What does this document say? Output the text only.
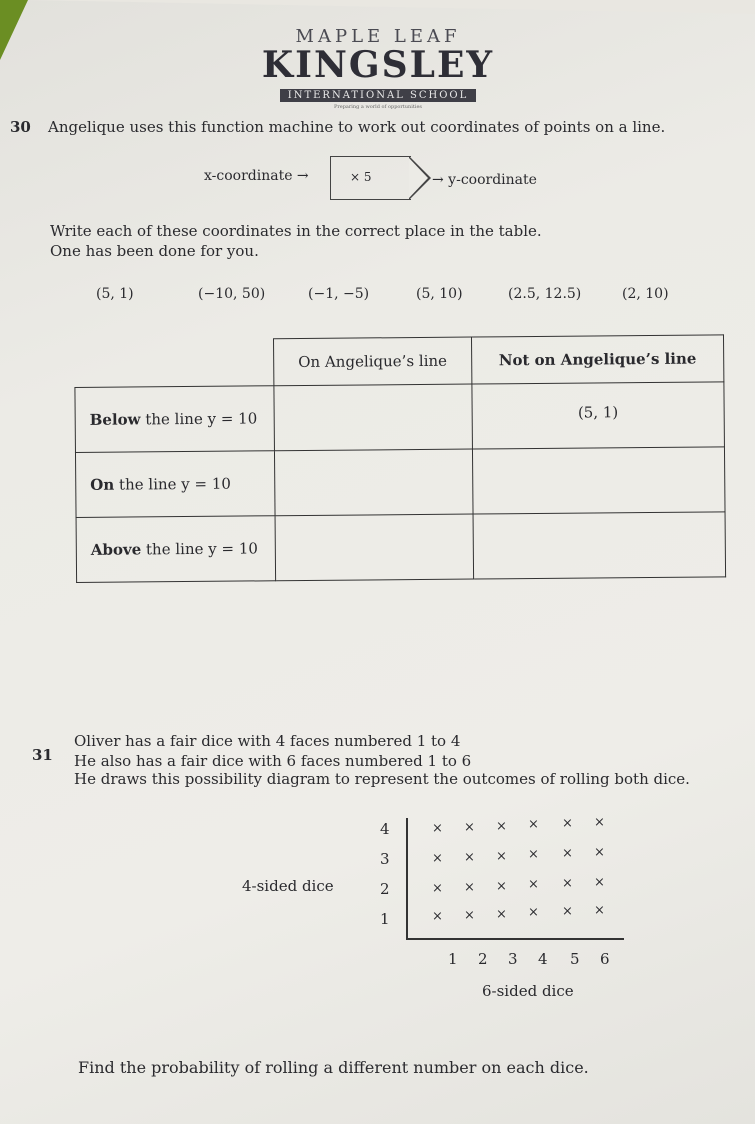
MAPLE LEAF
KINGSLEY
INTERNATIONAL SCHOOL
Preparing a world of opportunities
30 Angelique uses this function machine to work out coordinates of points on a line.
x-coordinate →	× 5	→ y-coordinate
Write each of these coordinates in the correct place in the table.
One has been done for you.
(5, 1)	(−10, 50)	(−1, −5)	(5, 10)	(2.5, 12.5)	(2, 10)
	On Angelique’s line	Not on Angelique’s line
Below the line y = 10		(5, 1)
On the line y = 10		
Above the line y = 10		
31
Oliver has a fair dice with 4 faces numbered 1 to 4
He also has a fair dice with 6 faces numbered 1 to 6
He draws this possibility diagram to represent the outcomes of rolling both dice.
4-sided dice
4
3
2
1
1 2 3 4 5 6
× × × × × ×
× × × × × ×
× × × × × ×
× × × × × ×
6-sided dice
Find the probability of rolling a different number on each dice.
